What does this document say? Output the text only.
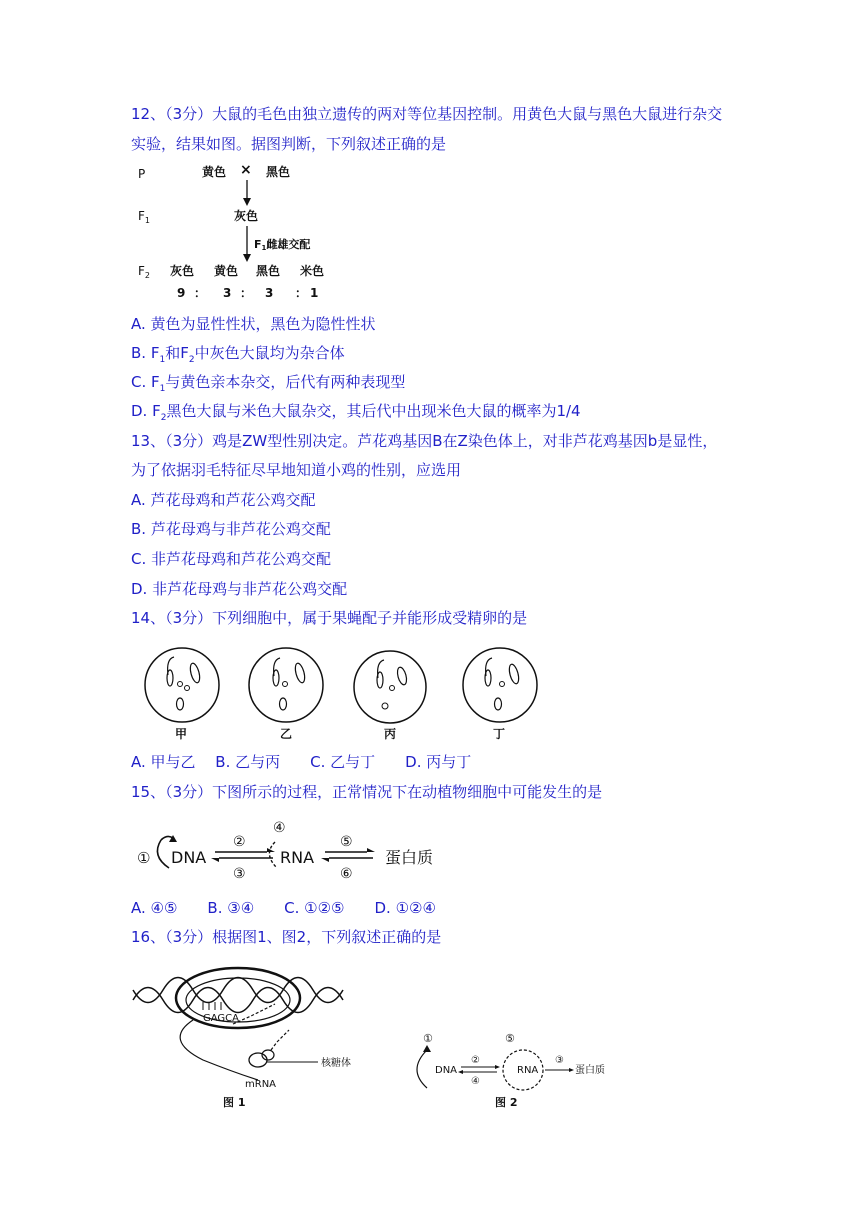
12、（3分）大鼠的毛色由独立遗传的两对等位基因控制。用黄色大鼠与黑色大鼠进行杂交
实验，结果如图。据图判断，下列叙述正确的是
P
$F_1$
$F_2$
黄色 × 黑色
灰色
F1雌雄交配
灰色 黄色 黑色 米色
9 ： 3 ： 3 ： 1
A. 黄色为显性性状，黑色为隐性性状
B. $F_1$和$F_2$中灰色大鼠均为杂合体
C. $F_1$与黄色亲本杂交，后代有两种表现型
D. $F_2$黑色大鼠与米色大鼠杂交，其后代中出现米色大鼠的概率为1/4
13、（3分）鸡是ZW型性别决定。芦花鸡基因B在Z染色体上，对非芦花鸡基因b是显性，
为了依据羽毛特征尽早地知道小鸡的性别，应选用
A. 芦花母鸡和芦花公鸡交配
B. 芦花母鸡与非芦花公鸡交配
C. 非芦花母鸡和芦花公鸡交配
D. 非芦花母鸡与非芦花公鸡交配
14、（3分）下列细胞中，属于果蝇配子并能形成受精卵的是
甲	乙	丙	丁
A. 甲与乙　 B. 乙与丙　　C. 乙与丁　　D. 丙与丁
15、（3分）下图所示的过程，正常情况下在动植物细胞中可能发生的是
① DNA
②
③
④
RNA
⑤
⑥
蛋白质
A. ④⑤　　B. ③④　　C. ①②⑤　　D. ①②④
16、（3分）根据图1、图2，下列叙述正确的是
GAGCA
核糖体
mRNA
图 1
①
DNA
②
④
⑤
RNA
③
蛋白质
图 2
